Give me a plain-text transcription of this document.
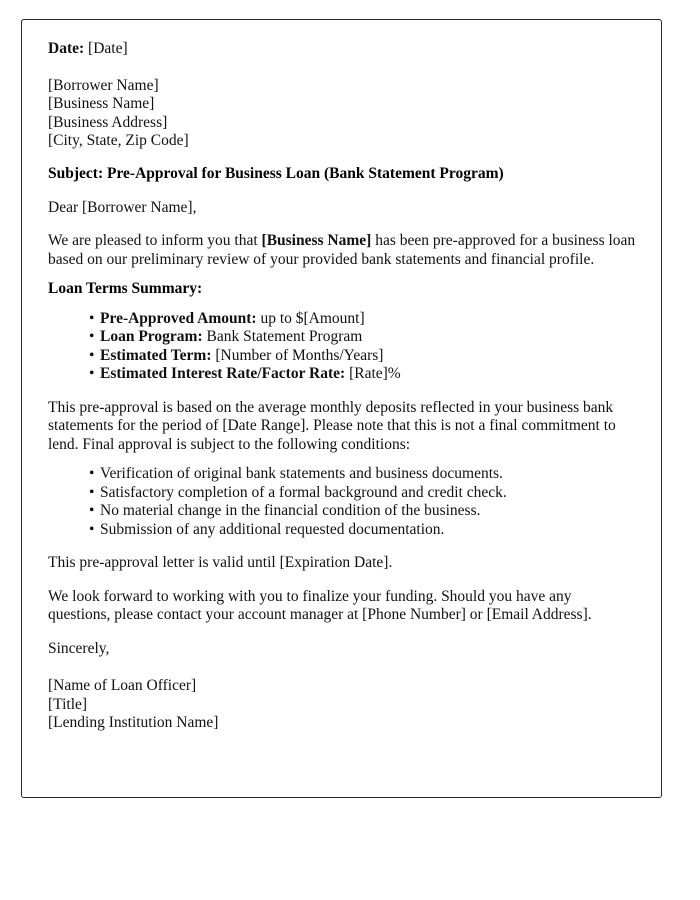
Date: [Date]
[Borrower Name]
[Business Name]
[Business Address]
[City, State, Zip Code]
Subject: Pre-Approval for Business Loan (Bank Statement Program)
Dear [Borrower Name],

We are pleased to inform you that [Business Name] has been pre-approved for a business loan based on our preliminary review of your provided bank statements and financial profile.

Loan Terms Summary:
• Pre-Approved Amount: up to $[Amount]
• Loan Program: Bank Statement Program
• Estimated Term: [Number of Months/Years]
• Estimated Interest Rate/Factor Rate: [Rate]%

This pre-approval is based on the average monthly deposits reflected in your business bank statements for the period of [Date Range]. Please note that this is not a final commitment to lend. Final approval is subject to the following conditions:

• Verification of original bank statements and business documents.
• Satisfactory completion of a formal background and credit check.
• No material change in the financial condition of the business.
• Submission of any additional requested documentation.

This pre-approval letter is valid until [Expiration Date].

We look forward to working with you to finalize your funding. Should you have any questions, please contact your account manager at [Phone Number] or [Email Address].

Sincerely,
[Name of Loan Officer]
[Title]
[Lending Institution Name]
